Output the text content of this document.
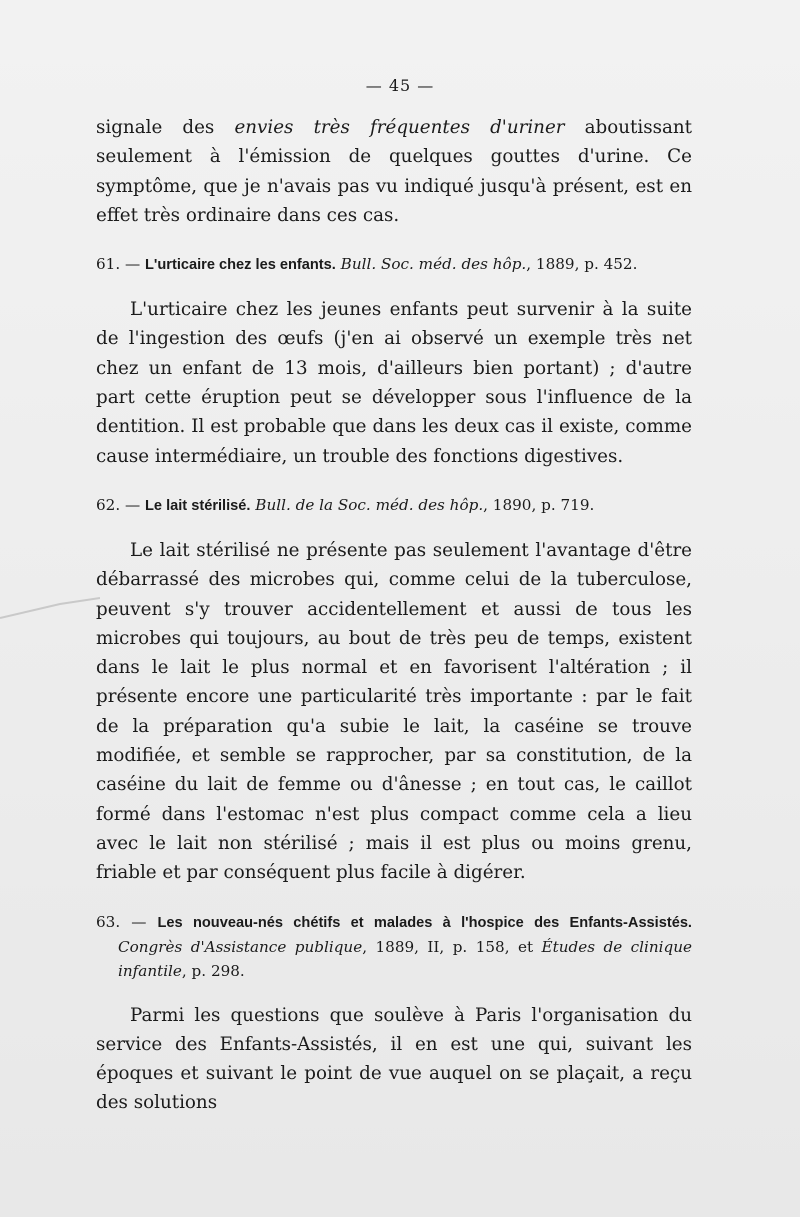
— 45 —

signale des envies très fréquentes d'uriner aboutissant seulement à l'émission de quelques gouttes d'urine. Ce symptôme, que je n'avais pas vu indiqué jusqu'à présent, est en effet très ordinaire dans ces cas.

61. — L'urticaire chez les enfants. Bull. Soc. méd. des hôp., 1889, p. 452.

L'urticaire chez les jeunes enfants peut survenir à la suite de l'ingestion des œufs (j'en ai observé un exemple très net chez un enfant de 13 mois, d'ailleurs bien portant) ; d'autre part cette éruption peut se développer sous l'influence de la dentition. Il est probable que dans les deux cas il existe, comme cause intermédiaire, un trouble des fonctions digestives.

62. — Le lait stérilisé. Bull. de la Soc. méd. des hôp., 1890, p. 719.

Le lait stérilisé ne présente pas seulement l'avantage d'être débarrassé des microbes qui, comme celui de la tuberculose, peuvent s'y trouver accidentellement et aussi de tous les microbes qui toujours, au bout de très peu de temps, existent dans le lait le plus normal et en favorisent l'altération ; il présente encore une particularité très importante : par le fait de la préparation qu'a subie le lait, la caséine se trouve modifiée, et semble se rapprocher, par sa constitution, de la caséine du lait de femme ou d'ânesse ; en tout cas, le caillot formé dans l'estomac n'est plus compact comme cela a lieu avec le lait non stérilisé ; mais il est plus ou moins grenu, friable et par conséquent plus facile à digérer.

63. — Les nouveau-nés chétifs et malades à l'hospice des Enfants-Assistés. Congrès d'Assistance publique, 1889, II, p. 158, et Études de clinique infantile, p. 298.

Parmi les questions que soulève à Paris l'organisation du service des Enfants-Assistés, il en est une qui, suivant les époques et suivant le point de vue auquel on se plaçait, a reçu des solutions
